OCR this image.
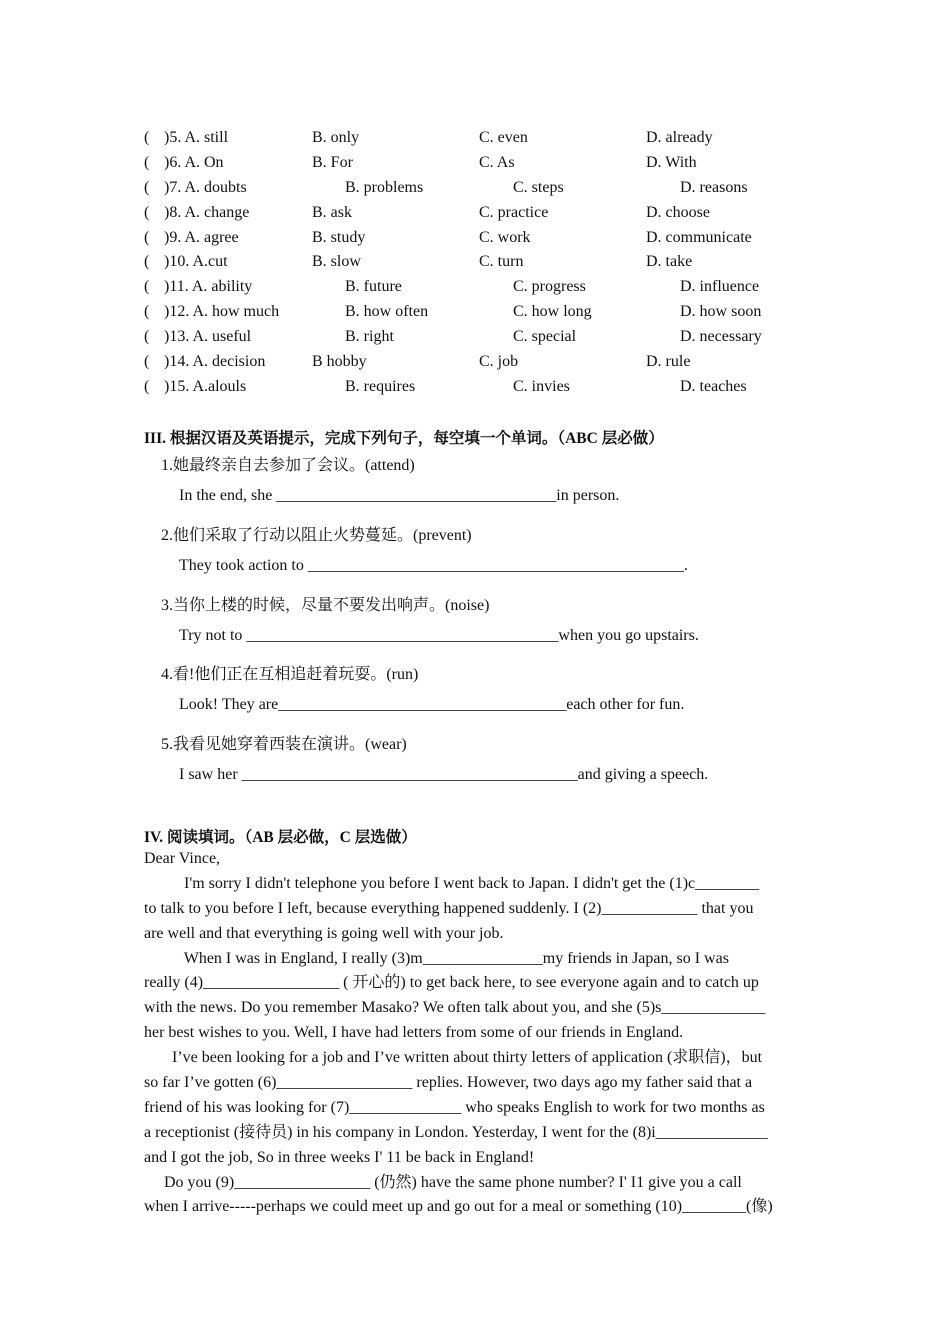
( )5. A. still	B. only	C. even	D. already
( )6. A. On	B. For	C. As	D. With
( )7. A. doubts	B. problems	C. steps	D. reasons
( )8. A. change	B. ask	C. practice	D. choose
( )9. A. agree	B. study	C. work	D. communicate
( )10. A.cut	B. slow	C. turn	D. take
( )11. A. ability	B. future	C. progress	D. influence
( )12. A. how much	B. how often	C. how long	D. how soon
( )13. A. useful	B. right	C. special	D. necessary
( )14. A. decision	B hobby	C. job	D. rule
( )15. A.alouls	B. requires	C. invies	D. teaches
III. 根据汉语及英语提示，完成下列句子，每空填一个单词。（ABC 层必做）
1.她最终亲自去参加了会议。(attend)
In the end, she ___________________________________in person.
2.他们采取了行动以阻止火势蔓延。(prevent)
They took action to _______________________________________________.
3.当你上楼的时候，尽量不要发出响声。(noise)
Try not to _______________________________________when you go upstairs.
4.看!他们正在互相追赶着玩耍。(run)
Look! They are____________________________________each other for fun.
5.我看见她穿着西装在演讲。(wear)
I saw her __________________________________________and giving a speech.
IV. 阅读填词。（AB 层必做，C 层选做）
Dear Vince,
I'm sorry I didn't telephone you before I went back to Japan. I didn't get the (1)c________
to talk to you before I left, because everything happened suddenly. I (2)____________ that you
are well and that everything is going well with your job.
When I was in England, I really (3)m_______________my friends in Japan, so I was
really (4)_________________ ( 开心的) to get back here, to see everyone again and to catch up
with the news. Do you remember Masako? We often talk about you, and she (5)s_____________
her best wishes to you. Well, I have had letters from some of our friends in England.
I’ve been looking for a job and I’ve written about thirty letters of application (求职信)，but
so far I’ve gotten (6)_________________ replies. However, two days ago my father said that a
friend of his was looking for (7)______________ who speaks English to work for two months as
a receptionist (接待员) in his company in London. Yesterday, I went for the (8)i______________
and I got the job, So in three weeks I' 11 be back in England!
Do you (9)_________________ (仍然) have the same phone number? I' I1 give you a call
when I arrive-----perhaps we could meet up and go out for a meal or something (10)________(像)
